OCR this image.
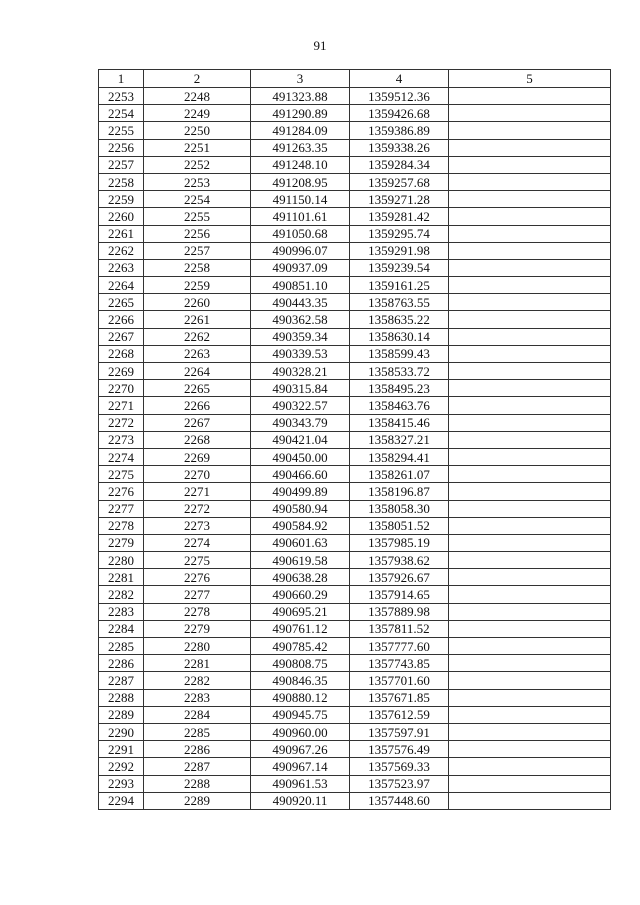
91
1	2	3	4	5
2253	2248	491323.88	1359512.36	
2254	2249	491290.89	1359426.68	
2255	2250	491284.09	1359386.89	
2256	2251	491263.35	1359338.26	
2257	2252	491248.10	1359284.34	
2258	2253	491208.95	1359257.68	
2259	2254	491150.14	1359271.28	
2260	2255	491101.61	1359281.42	
2261	2256	491050.68	1359295.74	
2262	2257	490996.07	1359291.98	
2263	2258	490937.09	1359239.54	
2264	2259	490851.10	1359161.25	
2265	2260	490443.35	1358763.55	
2266	2261	490362.58	1358635.22	
2267	2262	490359.34	1358630.14	
2268	2263	490339.53	1358599.43	
2269	2264	490328.21	1358533.72	
2270	2265	490315.84	1358495.23	
2271	2266	490322.57	1358463.76	
2272	2267	490343.79	1358415.46	
2273	2268	490421.04	1358327.21	
2274	2269	490450.00	1358294.41	
2275	2270	490466.60	1358261.07	
2276	2271	490499.89	1358196.87	
2277	2272	490580.94	1358058.30	
2278	2273	490584.92	1358051.52	
2279	2274	490601.63	1357985.19	
2280	2275	490619.58	1357938.62	
2281	2276	490638.28	1357926.67	
2282	2277	490660.29	1357914.65	
2283	2278	490695.21	1357889.98	
2284	2279	490761.12	1357811.52	
2285	2280	490785.42	1357777.60	
2286	2281	490808.75	1357743.85	
2287	2282	490846.35	1357701.60	
2288	2283	490880.12	1357671.85	
2289	2284	490945.75	1357612.59	
2290	2285	490960.00	1357597.91	
2291	2286	490967.26	1357576.49	
2292	2287	490967.14	1357569.33	
2293	2288	490961.53	1357523.97	
2294	2289	490920.11	1357448.60	
